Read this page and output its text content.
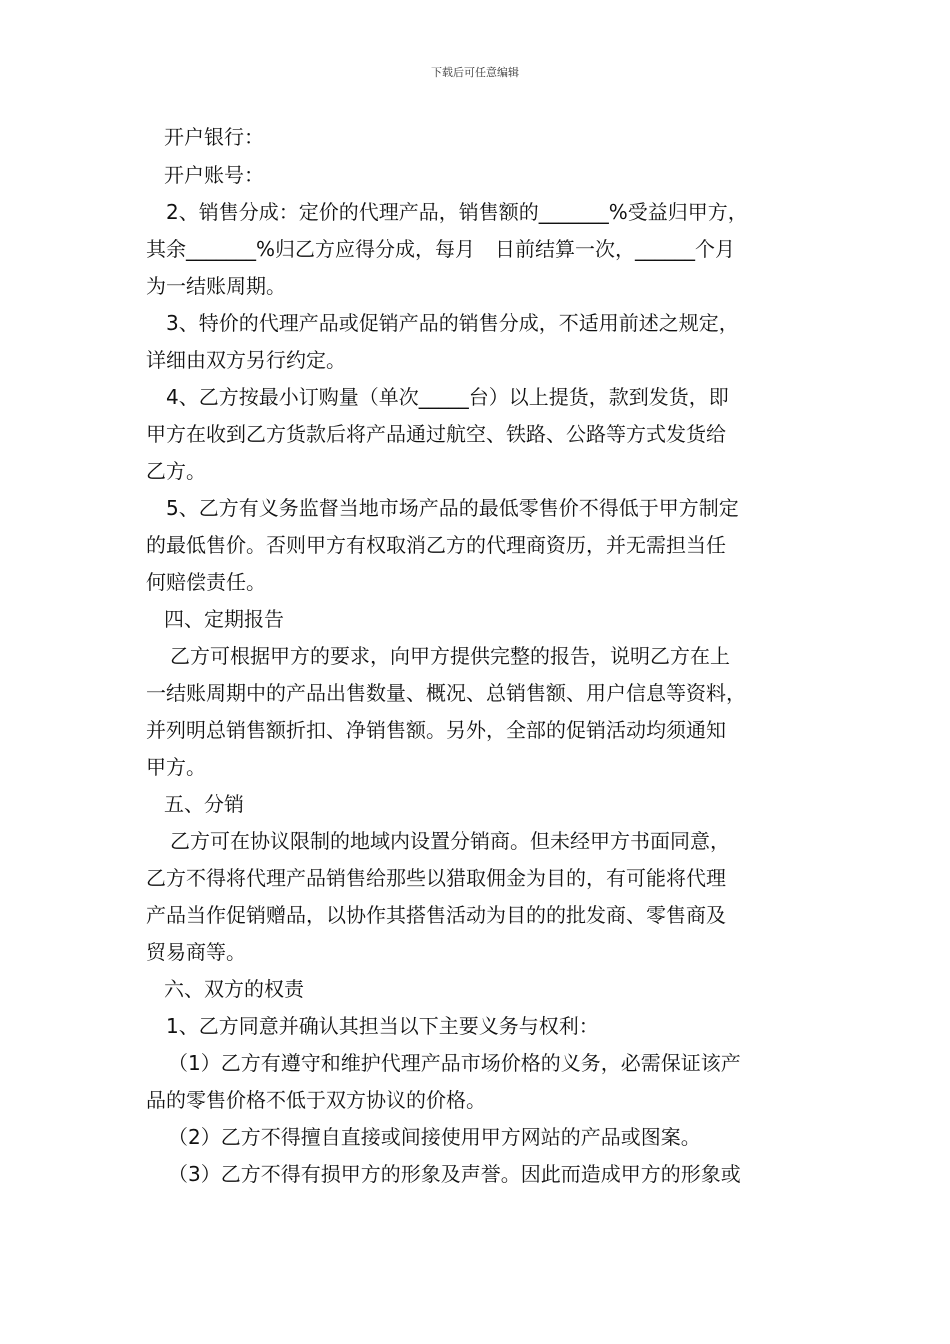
下载后可任意编辑
开户银行：
开户账号：
2、销售分成：定价的代理产品，销售额的_______%受益归甲方，
其余_______%归乙方应得分成，每月　日前结算一次，______个月
为一结账周期。
3、特价的代理产品或促销产品的销售分成，不适用前述之规定，
详细由双方另行约定。
4、乙方按最小订购量（单次_____台）以上提货，款到发货，即
甲方在收到乙方货款后将产品通过航空、铁路、公路等方式发货给
乙方。
5、乙方有义务监督当地市场产品的最低零售价不得低于甲方制定
的最低售价。否则甲方有权取消乙方的代理商资历，并无需担当任
何赔偿责任。
四、定期报告
乙方可根据甲方的要求，向甲方提供完整的报告，说明乙方在上
一结账周期中的产品出售数量、概况、总销售额、用户信息等资料，
并列明总销售额折扣、净销售额。另外，全部的促销活动均须通知
甲方。
五、分销
乙方可在协议限制的地域内设置分销商。但未经甲方书面同意，
乙方不得将代理产品销售给那些以猎取佣金为目的，有可能将代理
产品当作促销赠品，以协作其搭售活动为目的的批发商、零售商及
贸易商等。
六、双方的权责
1、乙方同意并确认其担当以下主要义务与权利：
（1）乙方有遵守和维护代理产品市场价格的义务，必需保证该产
品的零售价格不低于双方协议的价格。
（2）乙方不得擅自直接或间接使用甲方网站的产品或图案。
（3）乙方不得有损甲方的形象及声誉。因此而造成甲方的形象或
